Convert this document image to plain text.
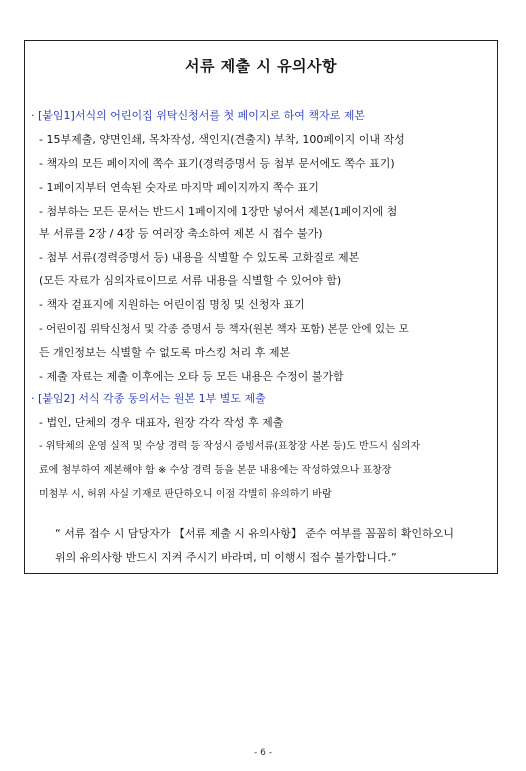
서류 제출 시 유의사항
· [붙임1]서식의 어린이집 위탁신청서를 첫 페이지로 하여 책자로 제본
- 15부제출, 양면인쇄, 목차작성, 색인지(견출지) 부착, 100페이지 이내 작성
- 책자의 모든 페이지에 쪽수 표기(경력증명서 등 첨부 문서에도 쪽수 표기)
- 1페이지부터 연속된 숫자로 마지막 페이지까지 쪽수 표기
- 첨부하는 모든 문서는 반드시 1페이지에 1장만 넣어서 제본(1페이지에 첨
부 서류를 2장 / 4장 등 여러장 축소하여 제본 시 접수 불가)
- 첨부 서류(경력증명서 등) 내용을 식별할 수 있도록 고화질로 제본
(모든 자료가 심의자료이므로 서류 내용을 식별할 수 있어야 함)
- 책자 겉표지에 지원하는 어린이집 명칭 및 신청자 표기
- 어린이집 위탁신청서 및 각종 증명서 등 책자(원본 책자 포함) 본문 안에 있는 모
든 개인정보는 식별할 수 없도록 마스킹 처리 후 제본
- 제출 자료는 제출 이후에는 오타 등 모든 내용은 수정이 불가함
· [붙임2] 서식 각종 동의서는 원본 1부 별도 제출
- 법인, 단체의 경우 대표자, 원장 각각 작성 후 제출
- 위탁체의 운영 실적 및 수상 경력 등 작성시 증빙서류(표창장 사본 등)도 반드시 심의자
료에 첨부하여 제본해야 함 ※ 수상 경력 등을 본문 내용에는 작성하였으나 표창장
미첨부 시, 허위 사실 기재로 판단하오니 이점 각별히 유의하기 바람
“ 서류 접수 시 담당자가 【서류 제출 시 유의사항】 준수 여부를 꼼꼼히 확인하오니
위의 유의사항 반드시 지켜 주시기 바라며, 미 이행시 접수 불가합니다.”
- 6 -
